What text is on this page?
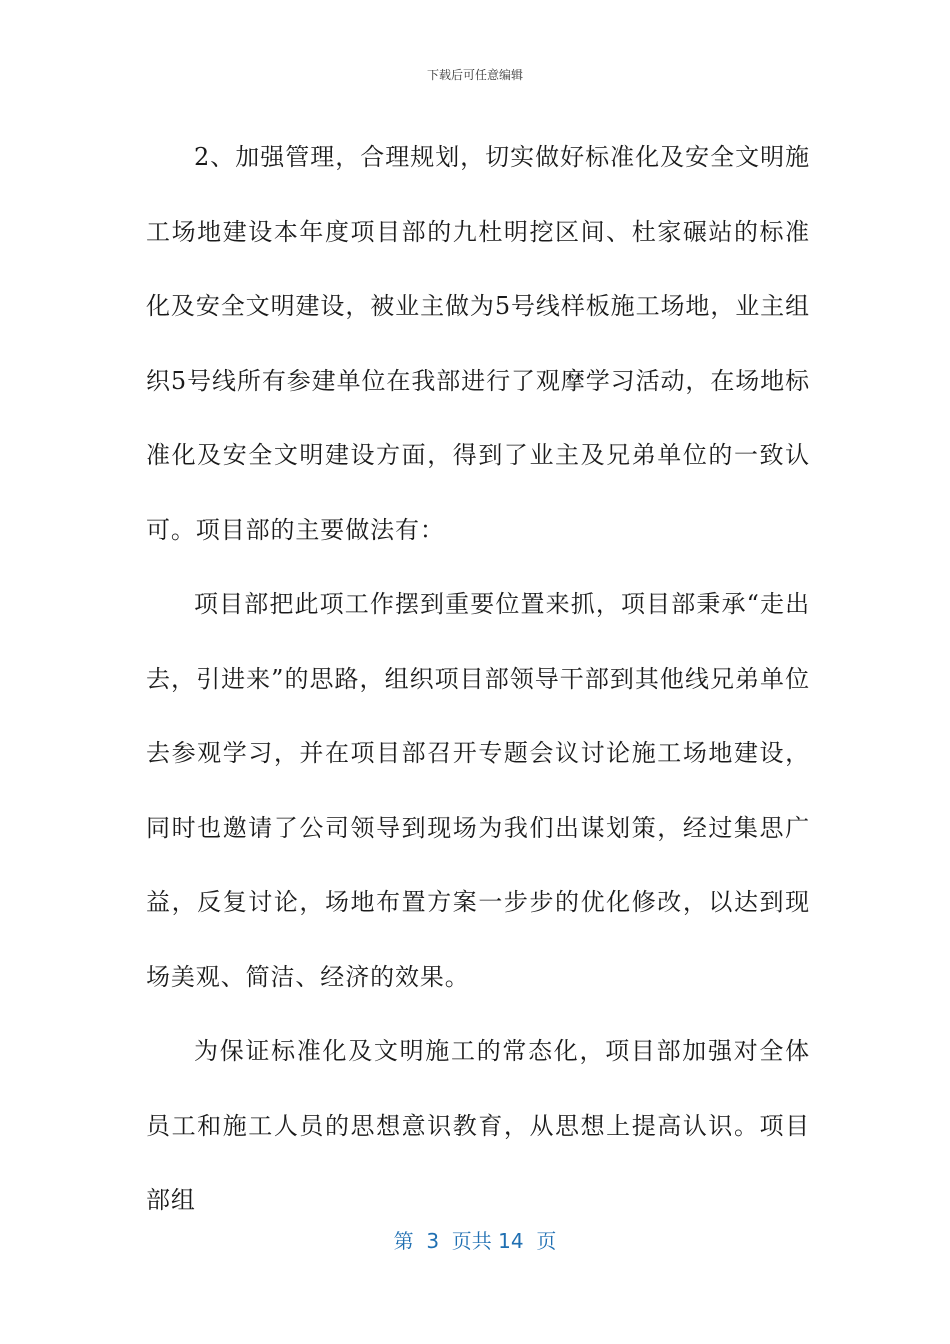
下载后可任意编辑

2、加强管理，合理规划，切实做好标准化及安全文明施工场地建设本年度项目部的九杜明挖区间、杜家碾站的标准化及安全文明建设，被业主做为5号线样板施工场地，业主组织5号线所有参建单位在我部进行了观摩学习活动，在场地标准化及安全文明建设方面，得到了业主及兄弟单位的一致认可。项目部的主要做法有：

项目部把此项工作摆到重要位置来抓，项目部秉承“走出去，引进来”的思路，组织项目部领导干部到其他线兄弟单位去参观学习，并在项目部召开专题会议讨论施工场地建设，同时也邀请了公司领导到现场为我们出谋划策，经过集思广益，反复讨论，场地布置方案一步步的优化修改，以达到现场美观、简洁、经济的效果。

为保证标准化及文明施工的常态化，项目部加强对全体员工和施工人员的思想意识教育，从思想上提高认识。项目部组

第  3  页共 14  页
